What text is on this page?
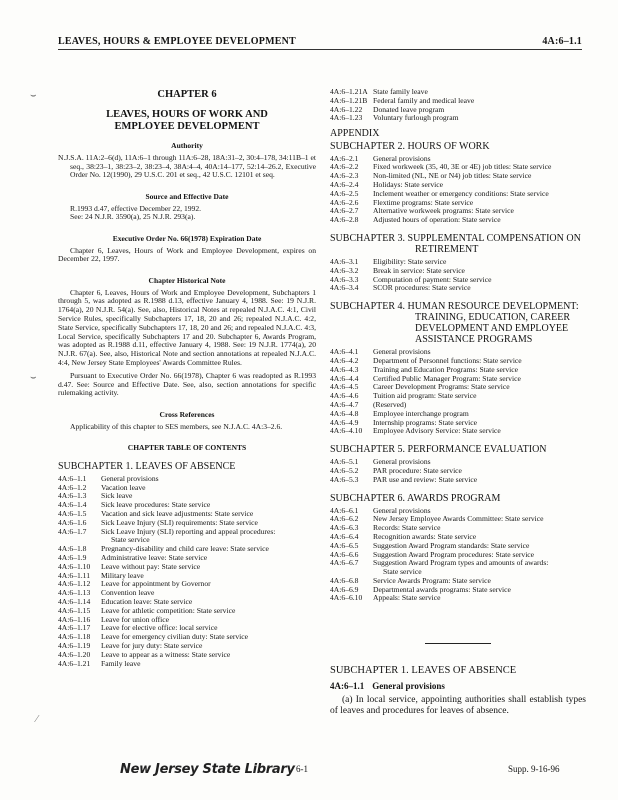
LEAVES, HOURS & EMPLOYEE DEVELOPMENT	4A:6–1.1
⌣
⌣
⁄
CHAPTER 6
LEAVES, HOURS OF WORK AND EMPLOYEE DEVELOPMENT
Authority
N.J.S.A. 11A:2–6(d), 11A:6–1 through 11A:6–28, 18A:31–2, 30:4–178, 34:11B–1 et seq., 38:23–1, 38:23–2, 38:23–4, 38A:4–4, 40A:14–177, 52:14–26.2, Executive Order No. 12(1990), 29 U.S.C. 201 et seq., 42 U.S.C. 12101 et seq.
Source and Effective Date
R.1993 d.47, effective December 22, 1992.
See: 24 N.J.R. 3590(a), 25 N.J.R. 293(a).
Executive Order No. 66(1978) Expiration Date
Chapter 6, Leaves, Hours of Work and Employee Development, expires on December 22, 1997.
Chapter Historical Note
Chapter 6, Leaves, Hours of Work and Employee Development, Subchapters 1 through 5, was adopted as R.1988 d.13, effective January 4, 1988. See: 19 N.J.R. 1764(a), 20 N.J.R. 54(a). See, also, Historical Notes at repealed N.J.A.C. 4:1, Civil Service Rules, specifically Subchapters 17, 18, 20 and 26; repealed N.J.A.C. 4:2, State Service, specifically Subchapters 17, 18, 20 and 26; and repealed N.J.A.C. 4:3, Local Service, specifically Subchapters 17 and 20. Subchapter 6, Awards Program, was adopted as R.1988 d.11, effective January 4, 1988. See: 19 N.J.R. 1774(a), 20 N.J.R. 67(a). See, also, Historical Note and section annotations at repealed N.J.A.C. 4:4, New Jersey State Employees' Awards Committee Rules.
Pursuant to Executive Order No. 66(1978), Chapter 6 was readopted as R.1993 d.47. See: Source and Effective Date. See, also, section annotations for specific rulemaking activity.
Cross References
Applicability of this chapter to SES members, see N.J.A.C. 4A:3–2.6.
CHAPTER TABLE OF CONTENTS
SUBCHAPTER 1. LEAVES OF ABSENCE
4A:6–1.1	General provisions
4A:6–1.2	Vacation leave
4A:6–1.3	Sick leave
4A:6–1.4	Sick leave procedures: State service
4A:6–1.5	Vacation and sick leave adjustments: State service
4A:6–1.6	Sick Leave Injury (SLI) requirements: State service
4A:6–1.7	Sick Leave Injury (SLI) reporting and appeal procedures:
State service
4A:6–1.8	Pregnancy-disability and child care leave: State service
4A:6–1.9	Administrative leave: State service
4A:6–1.10	Leave without pay: State service
4A:6–1.11	Military leave
4A:6–1.12	Leave for appointment by Governor
4A:6–1.13	Convention leave
4A:6–1.14	Education leave: State service
4A:6–1.15	Leave for athletic competition: State service
4A:6–1.16	Leave for union office
4A:6–1.17	Leave for elective office: local service
4A:6–1.18	Leave for emergency civilian duty: State service
4A:6–1.19	Leave for jury duty: State service
4A:6–1.20	Leave to appear as a witness: State service
4A:6–1.21	Family leave
4A:6–1.21A State family leave
4A:6–1.21B Federal family and medical leave
4A:6–1.22	Donated leave program
4A:6–1.23	Voluntary furlough program
APPENDIX
SUBCHAPTER 2. HOURS OF WORK
4A:6–2.1	General provisions
4A:6–2.2	Fixed workweek (35, 40, 3E or 4E) job titles: State service
4A:6–2.3	Non-limited (NL, NE or N4) job titles: State service
4A:6–2.4	Holidays: State service
4A:6–2.5	Inclement weather or emergency conditions: State service
4A:6–2.6	Flextime programs: State service
4A:6–2.7	Alternative workweek programs: State service
4A:6–2.8	Adjusted hours of operation: State service
SUBCHAPTER 3. SUPPLEMENTAL COMPENSATION ON RETIREMENT
4A:6–3.1	Eligibility: State service
4A:6–3.2	Break in service: State service
4A:6–3.3	Computation of payment: State service
4A:6–3.4	SCOR procedures: State service
SUBCHAPTER 4. HUMAN RESOURCE DEVELOPMENT: TRAINING, EDUCATION, CAREER DEVELOPMENT AND EMPLOYEE ASSISTANCE PROGRAMS
4A:6–4.1	General provisions
4A:6–4.2	Department of Personnel functions: State service
4A:6–4.3	Training and Education Programs: State service
4A:6–4.4	Certified Public Manager Program: State service
4A:6–4.5	Career Development Programs: State service
4A:6–4.6	Tuition aid program: State service
4A:6–4.7	(Reserved)
4A:6–4.8	Employee interchange program
4A:6–4.9	Internship programs: State service
4A:6–4.10	Employee Advisory Service: State service
SUBCHAPTER 5. PERFORMANCE EVALUATION
4A:6–5.1	General provisions
4A:6–5.2	PAR procedure: State service
4A:6–5.3	PAR use and review: State service
SUBCHAPTER 6. AWARDS PROGRAM
4A:6–6.1	General provisions
4A:6–6.2	New Jersey Employee Awards Committee: State service
4A:6–6.3	Records: State service
4A:6–6.4	Recognition awards: State service
4A:6–6.5	Suggestion Award Program standards: State service
4A:6–6.6	Suggestion Award Program procedures: State service
4A:6–6.7	Suggestion Award Program types and amounts of awards:
State service
4A:6–6.8	Service Awards Program: State service
4A:6–6.9	Departmental awards programs: State service
4A:6–6.10	Appeals: State service
SUBCHAPTER 1. LEAVES OF ABSENCE
4A:6–1.1 General provisions
(a) In local service, appointing authorities shall establish types of leaves and procedures for leaves of absence.
New Jersey State Library 6-1	Supp. 9-16-96
